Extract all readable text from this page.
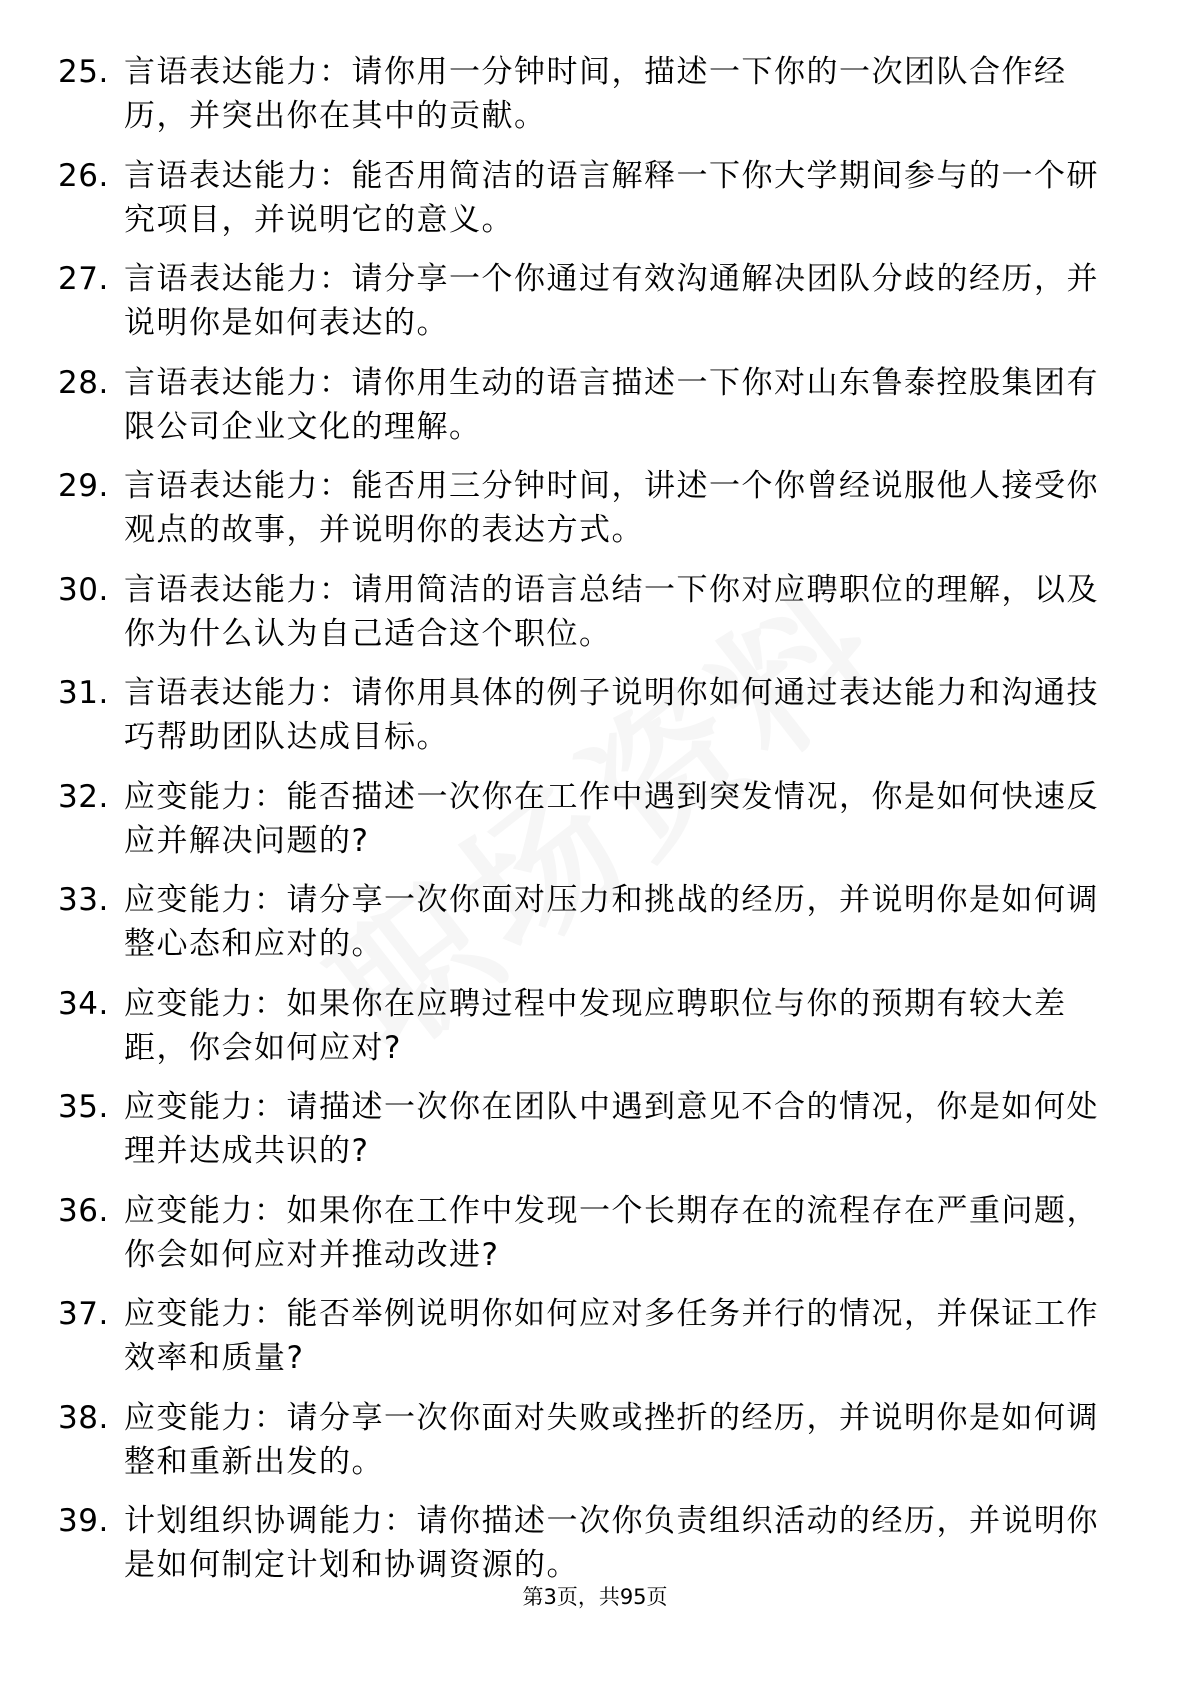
25. 言语表达能力：请你用一分钟时间，描述一下你的一次团队合作经历，并突出你在其中的贡献。
26. 言语表达能力：能否用简洁的语言解释一下你大学期间参与的一个研究项目，并说明它的意义。
27. 言语表达能力：请分享一个你通过有效沟通解决团队分歧的经历，并说明你是如何表达的。
28. 言语表达能力：请你用生动的语言描述一下你对山东鲁泰控股集团有限公司企业文化的理解。
29. 言语表达能力：能否用三分钟时间，讲述一个你曾经说服他人接受你观点的故事，并说明你的表达方式。
30. 言语表达能力：请用简洁的语言总结一下你对应聘职位的理解，以及你为什么认为自己适合这个职位。
31. 言语表达能力：请你用具体的例子说明你如何通过表达能力和沟通技巧帮助团队达成目标。
32. 应变能力：能否描述一次你在工作中遇到突发情况，你是如何快速反应并解决问题的?
33. 应变能力：请分享一次你面对压力和挑战的经历，并说明你是如何调整心态和应对的。
34. 应变能力：如果你在应聘过程中发现应聘职位与你的预期有较大差距，你会如何应对?
35. 应变能力：请描述一次你在团队中遇到意见不合的情况，你是如何处理并达成共识的?
36. 应变能力：如果你在工作中发现一个长期存在的流程存在严重问题，你会如何应对并推动改进?
37. 应变能力：能否举例说明你如何应对多任务并行的情况，并保证工作效率和质量?
38. 应变能力：请分享一次你面对失败或挫折的经历，并说明你是如何调整和重新出发的。
39. 计划组织协调能力：请你描述一次你负责组织活动的经历，并说明你是如何制定计划和协调资源的。
第3页，共95页
